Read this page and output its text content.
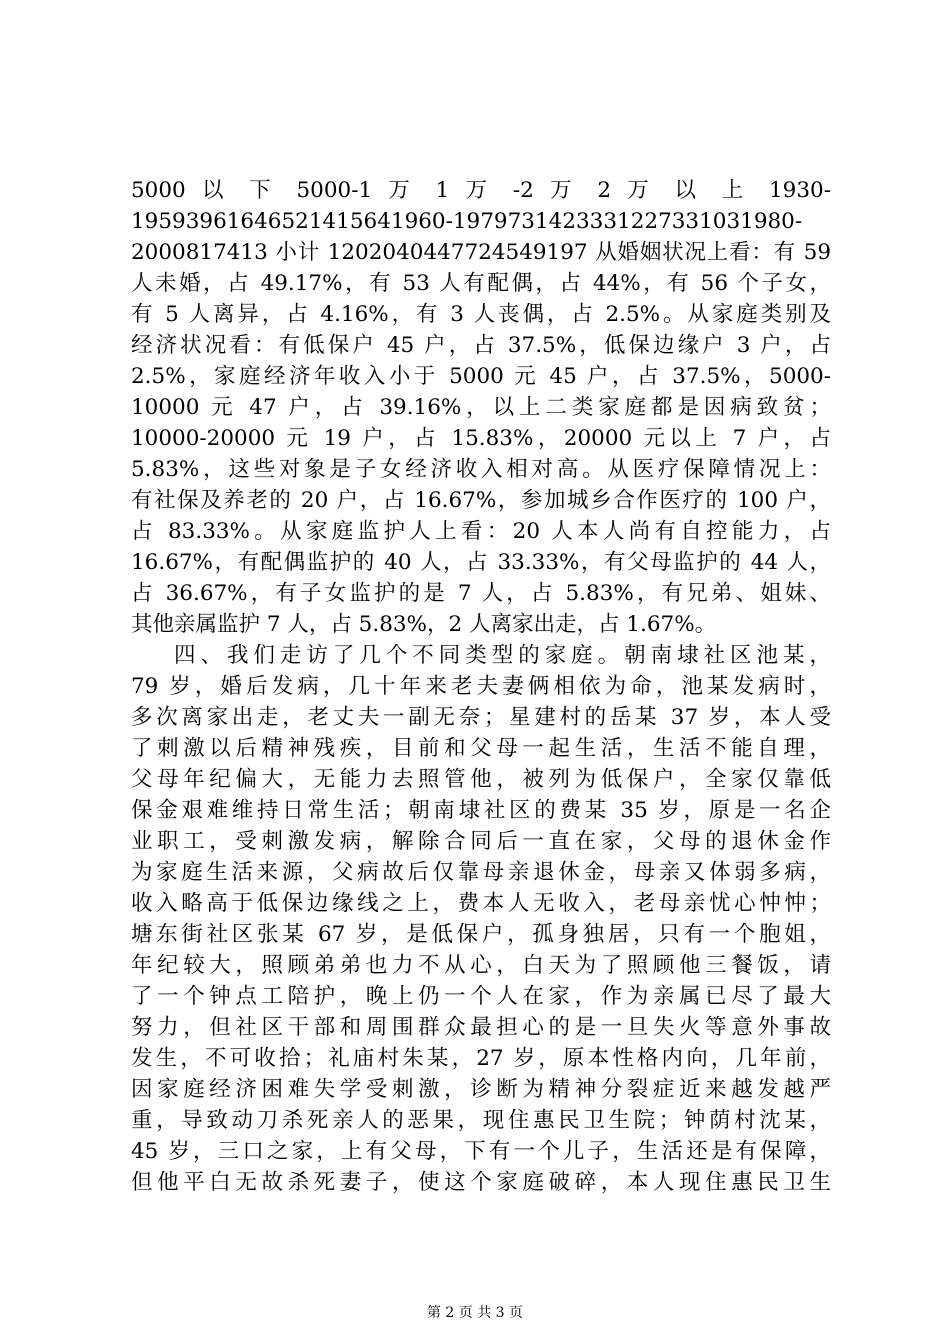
5000 以 下 5000-1 万 1 万 -2 万 2 万 以 上 1930-
19593961646521415641960-197973142333122733103198​0-
2000817413 小计 1202040447724549197 从婚姻状况上看：有 59
人未婚，占 49.17%，有 53 人有配偶，占 44%，有 56 个子女，
有 5 人离异，占 4.16%，有 3 人丧偶，占 2.5%。从家庭类别及
经济状况看：有低保户 45 户，占 37.5%，低保边缘户 3 户，占
2.5%，家庭经济年收入小于 5000 元 45 户，占 37.5%，5000-
10000 元 47 户，占 39.16%，以上二类家庭都是因病致贫；
10000-20000 元 19 户，占 15.83%，20000 元以上 7 户，占
5.83%，这些对象是子女经济收入相对高。从医疗保障情况上：
有社保及养老的 20 户，占 16.67%，参加城乡合作医疗的 100 户，
占 83.33%。从家庭监护人上看：20 人本人尚有自控能力，占
16.67%，有配偶监护的 40 人，占 33.33%，有父母监护的 44 人，
占 36.67%，有子女监护的是 7 人，占 5.83%，有兄弟、姐妹、
其他亲属监护 7 人，占 5.83%，2 人离家出走，占 1.67%。
四、我们走访了几个不同类型的家庭。朝南埭社区池某，
79 岁，婚后发病，几十年来老夫妻俩相依为命，池某发病时，
多次离家出走，老丈夫一副无奈；星建村的岳某 37 岁，本人受
了刺激以后精神残疾，目前和父母一起生活，生活不能自理，
父母年纪偏大，无能力去照管他，被列为低保户，全家仅靠低
保金艰难维持日常生活；朝南埭社区的费某 35 岁，原是一名企
业职工，受刺激发病，解除合同后一直在家，父母的退休金作
为家庭生活来源，父病故后仅靠母亲退休金，母亲又体弱多病，
收入略高于低保边缘线之上，费本人无收入，老母亲忧心忡忡；
塘东街社区张某 67 岁，是低保户，孤身独居，只有一个胞姐，
年纪较大，照顾弟弟也力不从心，白天为了照顾他三餐饭，请
了一个钟点工陪护，晚上仍一个人在家，作为亲属已尽了最大
努力，但社区干部和周围群众最担心的是一旦失火等意外事故
发生，不可收拾；礼庙村朱某，27 岁，原本性格内向，几年前，
因家庭经济困难失学受刺激，诊断为精神分裂症近来越发越严
重，导致动刀杀死亲人的恶果，现住惠民卫生院；钟荫村沈某，
45 岁，三口之家，上有父母，下有一个儿子，生活还是有保障，
但他平白无故杀死妻子，使这个家庭破碎，本人现住惠民卫生
第 2 页 共 3 页
